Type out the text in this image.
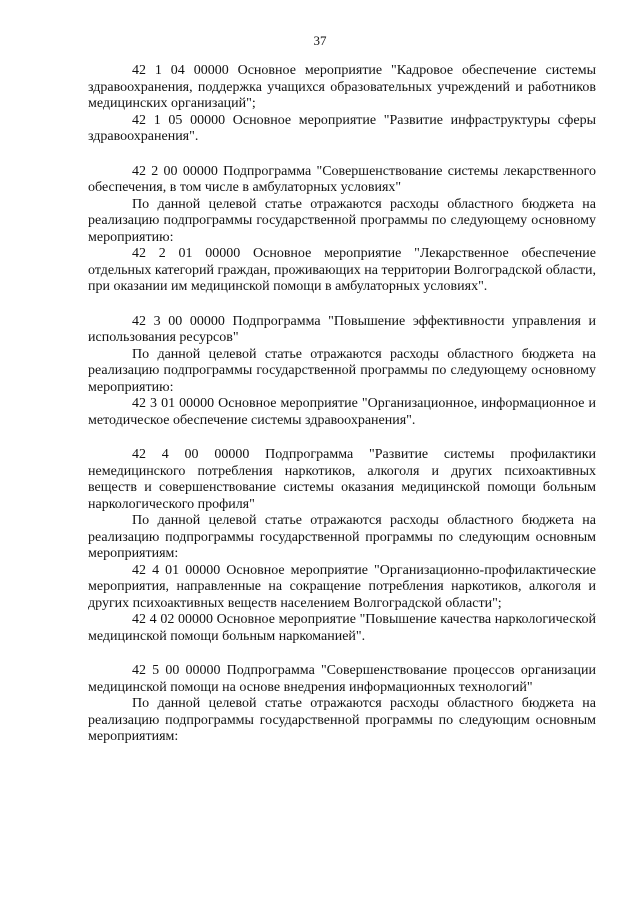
37

42 1 04 00000 Основное мероприятие "Кадровое обеспечение системы здравоохранения, поддержка учащихся образовательных учреждений и работников медицинских организаций";

42 1 05 00000 Основное мероприятие "Развитие инфраструктуры сферы здравоохранения".

42 2 00 00000 Подпрограмма "Совершенствование системы лекарственного обеспечения, в том числе в амбулаторных условиях"

По данной целевой статье отражаются расходы областного бюджета на реализацию подпрограммы государственной программы по следующему основному мероприятию:

42 2 01 00000 Основное мероприятие "Лекарственное обеспечение отдельных категорий граждан, проживающих на территории Волгоградской области, при оказании им медицинской помощи в амбулаторных условиях".

42 3 00 00000 Подпрограмма "Повышение эффективности управления и использования ресурсов"

По данной целевой статье отражаются расходы областного бюджета на реализацию подпрограммы государственной программы по следующему основному мероприятию:

42 3 01 00000 Основное мероприятие "Организационное, информационное и методическое обеспечение системы здравоохранения".

42 4 00 00000 Подпрограмма "Развитие системы профилактики немедицинского потребления наркотиков, алкоголя и других психоактивных веществ и совершенствование системы оказания медицинской помощи больным наркологического профиля"

По данной целевой статье отражаются расходы областного бюджета на реализацию подпрограммы государственной программы по следующим основным мероприятиям:

42 4 01 00000 Основное мероприятие "Организационно-профилактические мероприятия, направленные на сокращение потребления наркотиков, алкоголя и других психоактивных веществ населением Волгоградской области";

42 4 02 00000 Основное мероприятие "Повышение качества наркологической медицинской помощи больным наркоманией".

42 5 00 00000 Подпрограмма "Совершенствование процессов организации медицинской помощи на основе внедрения информационных технологий"

По данной целевой статье отражаются расходы областного бюджета на реализацию подпрограммы государственной программы по следующим основным мероприятиям:
